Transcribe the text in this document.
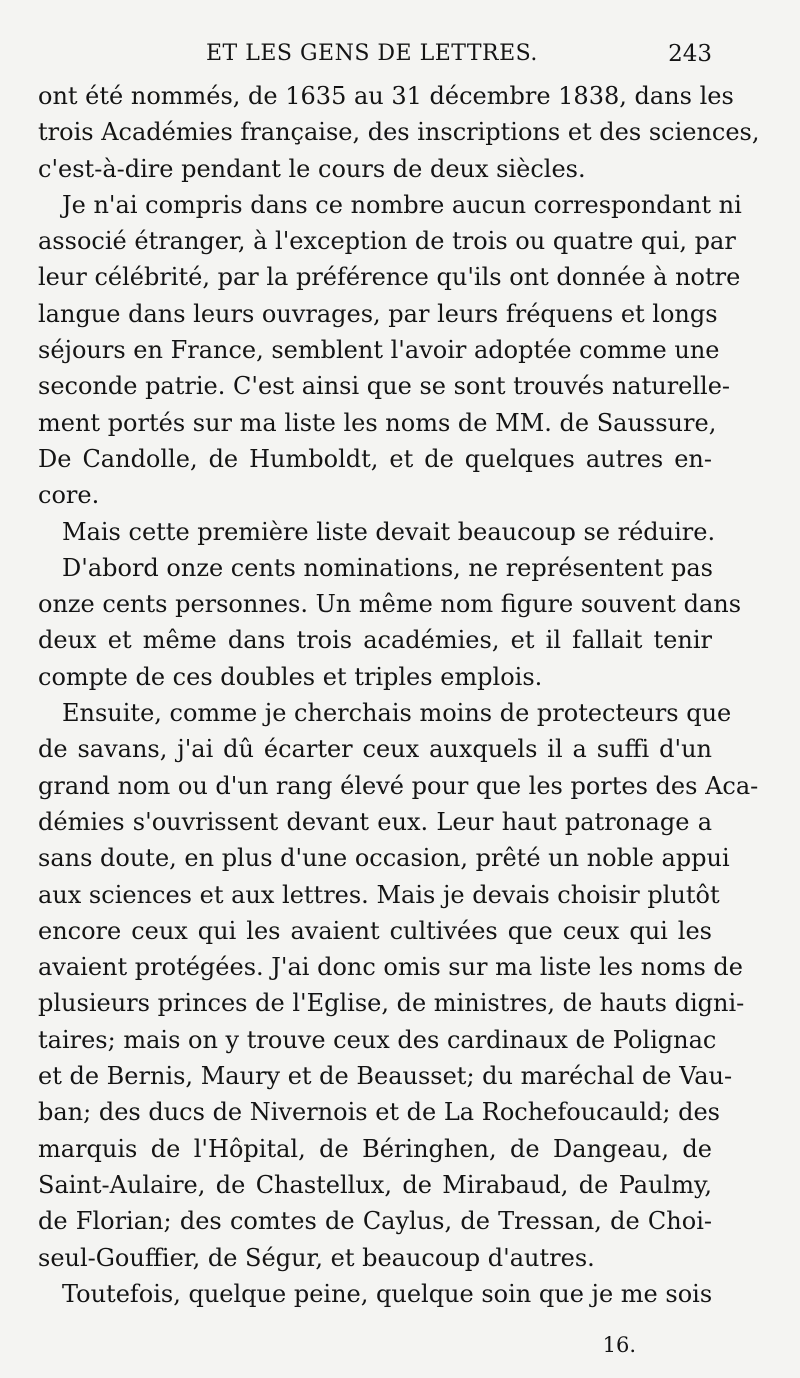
ET LES GENS DE LETTRES.	243
ont été nommés, de 1635 au 31 décembre 1838, dans les
trois Académies française, des inscriptions et des sciences,
c'est-à-dire pendant le cours de deux siècles.
Je n'ai compris dans ce nombre aucun correspondant ni
associé étranger, à l'exception de trois ou quatre qui, par
leur célébrité, par la préférence qu'ils ont donnée à notre
langue dans leurs ouvrages, par leurs fréquens et longs
séjours en France, semblent l'avoir adoptée comme une
seconde patrie. C'est ainsi que se sont trouvés naturelle-
ment portés sur ma liste les noms de MM. de Saussure,
De Candolle, de Humboldt, et de quelques autres en-
core.
Mais cette première liste devait beaucoup se réduire.
D'abord onze cents nominations, ne représentent pas
onze cents personnes. Un même nom figure souvent dans
deux et même dans trois académies, et il fallait tenir
compte de ces doubles et triples emplois.
Ensuite, comme je cherchais moins de protecteurs que
de savans, j'ai dû écarter ceux auxquels il a suffi d'un
grand nom ou d'un rang élevé pour que les portes des Aca-
démies s'ouvrissent devant eux. Leur haut patronage a
sans doute, en plus d'une occasion, prêté un noble appui
aux sciences et aux lettres. Mais je devais choisir plutôt
encore ceux qui les avaient cultivées que ceux qui les
avaient protégées. J'ai donc omis sur ma liste les noms de
plusieurs princes de l'Eglise, de ministres, de hauts digni-
taires; mais on y trouve ceux des cardinaux de Polignac
et de Bernis, Maury et de Beausset; du maréchal de Vau-
ban; des ducs de Nivernois et de La Rochefoucauld; des
marquis de l'Hôpital, de Béringhen, de Dangeau, de
Saint-Aulaire, de Chastellux, de Mirabaud, de Paulmy,
de Florian; des comtes de Caylus, de Tressan, de Choi-
seul-Gouffier, de Ségur, et beaucoup d'autres.
Toutefois, quelque peine, quelque soin que je me sois
16.
